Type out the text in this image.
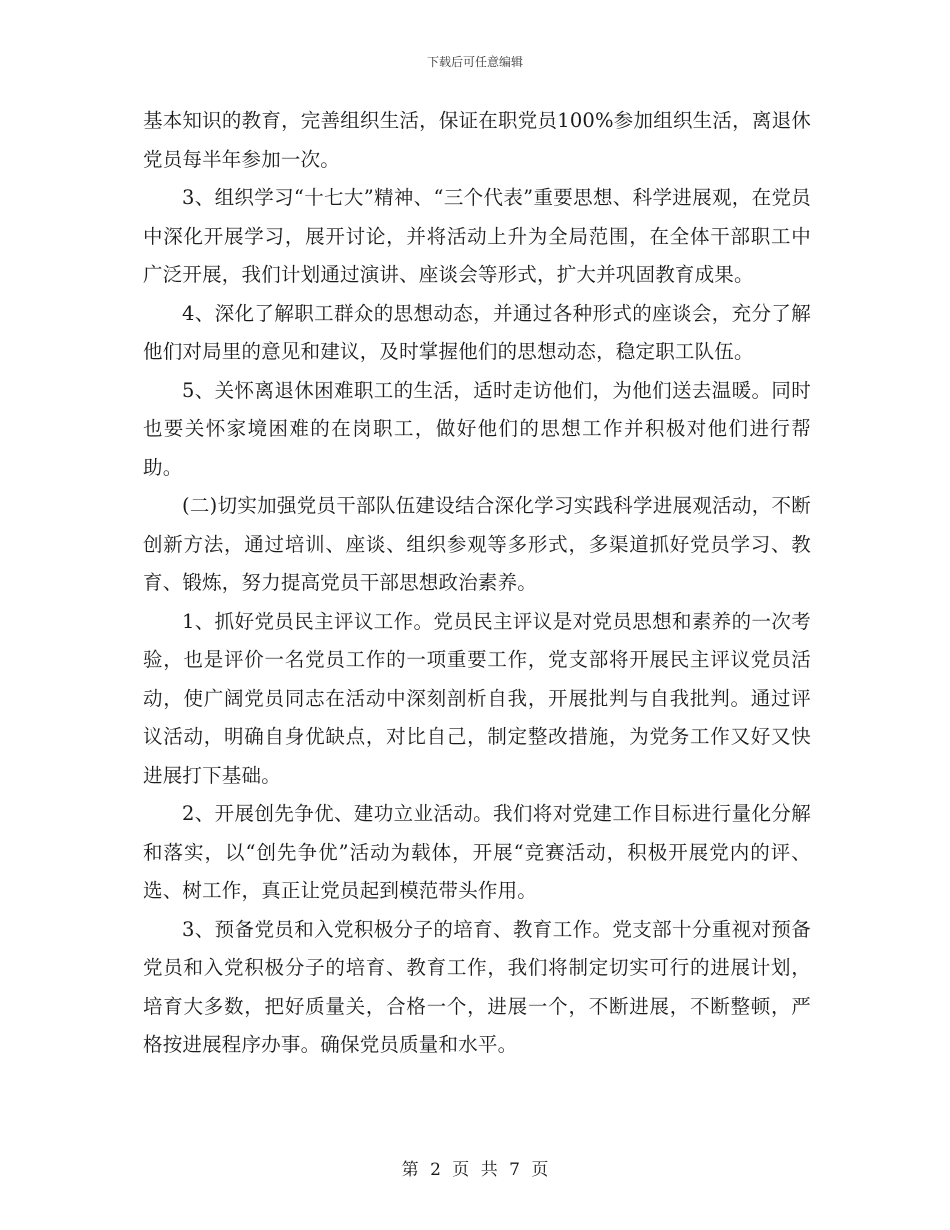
下载后可任意编辑

基本知识的教育，完善组织生活，保证在职党员100%参加组织生活，离退休党员每半年参加一次。

3、组织学习“十七大”精神、“三个代表”重要思想、科学进展观，在党员中深化开展学习，展开讨论，并将活动上升为全局范围，在全体干部职工中广泛开展，我们计划通过演讲、座谈会等形式，扩大并巩固教育成果。

4、深化了解职工群众的思想动态，并通过各种形式的座谈会，充分了解他们对局里的意见和建议，及时掌握他们的思想动态，稳定职工队伍。

5、关怀离退休困难职工的生活，适时走访他们，为他们送去温暖。同时也要关怀家境困难的在岗职工，做好他们的思想工作并积极对他们进行帮助。

(二)切实加强党员干部队伍建设结合深化学习实践科学进展观活动，不断创新方法，通过培训、座谈、组织参观等多形式，多渠道抓好党员学习、教育、锻炼，努力提高党员干部思想政治素养。

1、抓好党员民主评议工作。党员民主评议是对党员思想和素养的一次考验，也是评价一名党员工作的一项重要工作，党支部将开展民主评议党员活动，使广阔党员同志在活动中深刻剖析自我，开展批判与自我批判。通过评议活动，明确自身优缺点，对比自己，制定整改措施，为党务工作又好又快进展打下基础。

2、开展创先争优、建功立业活动。我们将对党建工作目标进行量化分解和落实，以“创先争优”活动为载体，开展“竞赛活动，积极开展党内的评、选、树工作，真正让党员起到模范带头作用。

3、预备党员和入党积极分子的培育、教育工作。党支部十分重视对预备党员和入党积极分子的培育、教育工作，我们将制定切实可行的进展计划，培育大多数，把好质量关，合格一个，进展一个，不断进展，不断整顿，严格按进展程序办事。确保党员质量和水平。

第 2 页 共 7 页
